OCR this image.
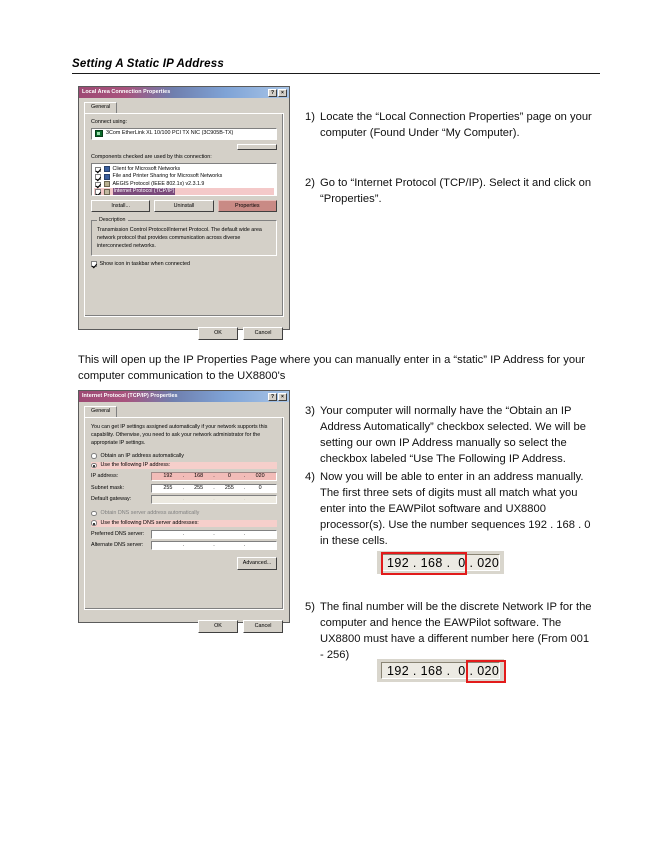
Setting A Static IP Address
Local Area Connection Properties	?	×
General
Connect using:
3Com EtherLink XL 10/100 PCI TX NIC (3C905B-TX)
Components checked are used by this connection:
Client for Microsoft Networks
File and Printer Sharing for Microsoft Networks
AEGIS Protocol (IEEE 802.1x) v2.3.1.9
Internet Protocol (TCP/IP)
Install...	Uninstall	Properties
Description
Transmission Control Protocol/Internet Protocol. The default wide area network protocol that provides communication across diverse interconnected networks.
Show icon in taskbar when connected
OK	Cancel
Internet Protocol (TCP/IP) Properties	?	×
General
You can get IP settings assigned automatically if your network supports this capability. Otherwise, you need to ask your network administrator for the appropriate IP settings.
Obtain an IP address automatically
Use the following IP address:
IP address:	192	.	168	.	0	.	020
Subnet mask:	255	.	255	.	255	.	0
Default gateway:	.	.	.
Obtain DNS server address automatically
Use the following DNS server addresses:
Preferred DNS server:	.	.	.
Alternate DNS server:	.	.	.
Advanced...
OK	Cancel
1) Locate the “Local Connection Properties” page on your computer (Found Under “My Computer).
2) Go to “Internet Protocol (TCP/IP). Select it and click on “Properties”.
This will open up the IP Properties Page where you can manually enter in a “static” IP Address for your computer communication to the UX8800's
3) Your computer will normally have the “Obtain an IP Address Automatically” checkbox selected. We will be setting our own IP Address manually so select the checkbox labeled “Use The Following IP Address.
4) Now you will be able to enter in an address manually. The first three sets of digits must all match what you enter into the EAWPilot software and UX8800 processor(s). Use the number sequences 192 . 168 . 0 in these cells.
192 . 168 .  0 . 020
5) The final number will be the discrete Network IP for the computer and hence the EAWPilot software. The UX8800 must have a different number here (From 001 - 256)
192 . 168 .  0 . 020
